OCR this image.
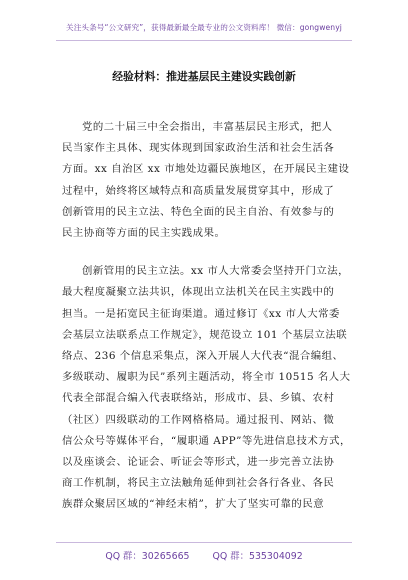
关注头条号“公文研究”，获得最新最全最专业的公文资料库！ 微信：gongwenyj
经验材料：推进基层民主建设实践创新

党的二十届三中全会指出，丰富基层民主形式，把人

民当家作主具体、现实体现到国家政治生活和社会生活各

方面。xx 自治区 xx 市地处边疆民族地区，在开展民主建设

过程中，始终将区域特点和高质量发展贯穿其中，形成了

创新管用的民主立法、特色全面的民主自治、有效参与的

民主协商等方面的民主实践成果。

创新管用的民主立法。xx 市人大常委会坚持开门立法，

最大程度凝聚立法共识，体现出立法机关在民主实践中的

担当。一是拓宽民主征询渠道。通过修订《xx 市人大常委

会基层立法联系点工作规定》，规范设立 101 个基层立法联

络点、236 个信息采集点，深入开展人大代表“混合编组、

多级联动、履职为民”系列主题活动，将全市 10515 名人大

代表全部混合编入代表联络站，形成市、县、乡镇、农村

（社区）四级联动的工作网格格局。通过报刊、网站、微

信公众号等媒体平台，“履职通 APP”等先进信息技术方式，

以及座谈会、论证会、听证会等形式，进一步完善立法协

商工作机制，将民主立法触角延伸到社会各行各业、各民

族群众聚居区域的“神经末梢”，扩大了坚实可靠的民意

QQ 群：30265665 QQ 群：535304092
